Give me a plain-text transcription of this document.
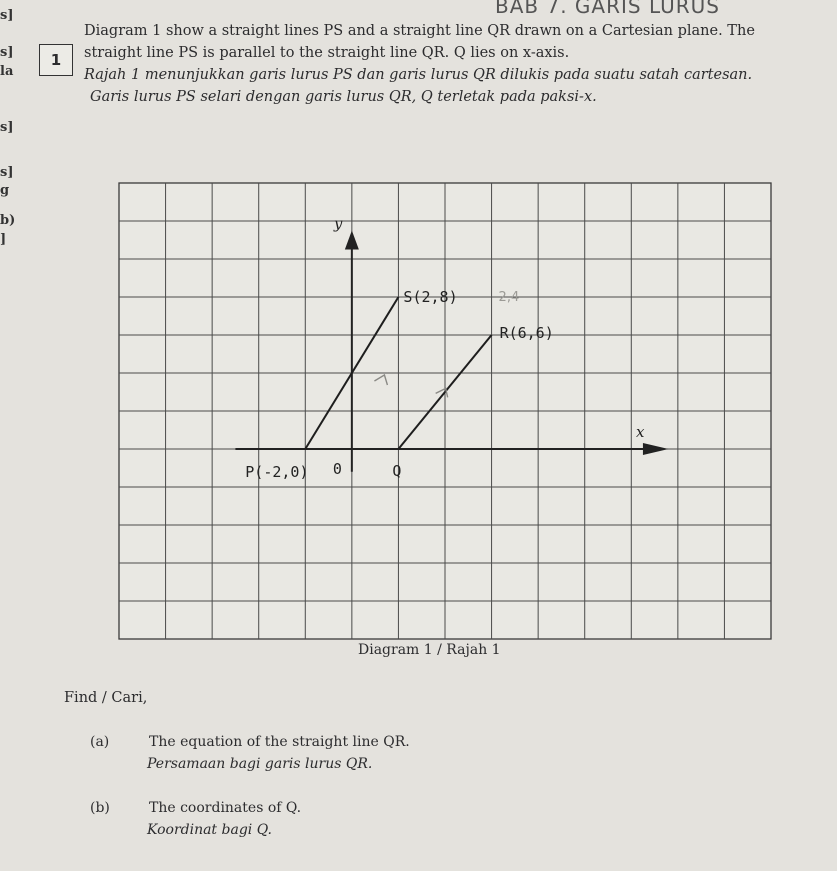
BAB 7. GARIS LURUS
s]
s]
la
s]
s]
g
b)
]
1
Diagram 1 show a straight lines PS and a straight line QR drawn on a Cartesian plane. The
straight line PS is parallel to the straight line QR. Q lies on x-axis.
Rajah 1 menunjukkan garis lurus PS dan garis lurus QR dilukis pada suatu satah cartesan.
Garis lurus PS selari dengan garis lurus QR, Q terletak pada paksi-x.
P(-2,0)
S(2,8)
R(6,6)
Q
0
x
y
2,4
Diagram 1 / Rajah 1
Find / Cari,
(a)	The equation of the straight line QR.
Persamaan bagi garis lurus QR.
(b)	The coordinates of Q.
Koordinat bagi Q.
